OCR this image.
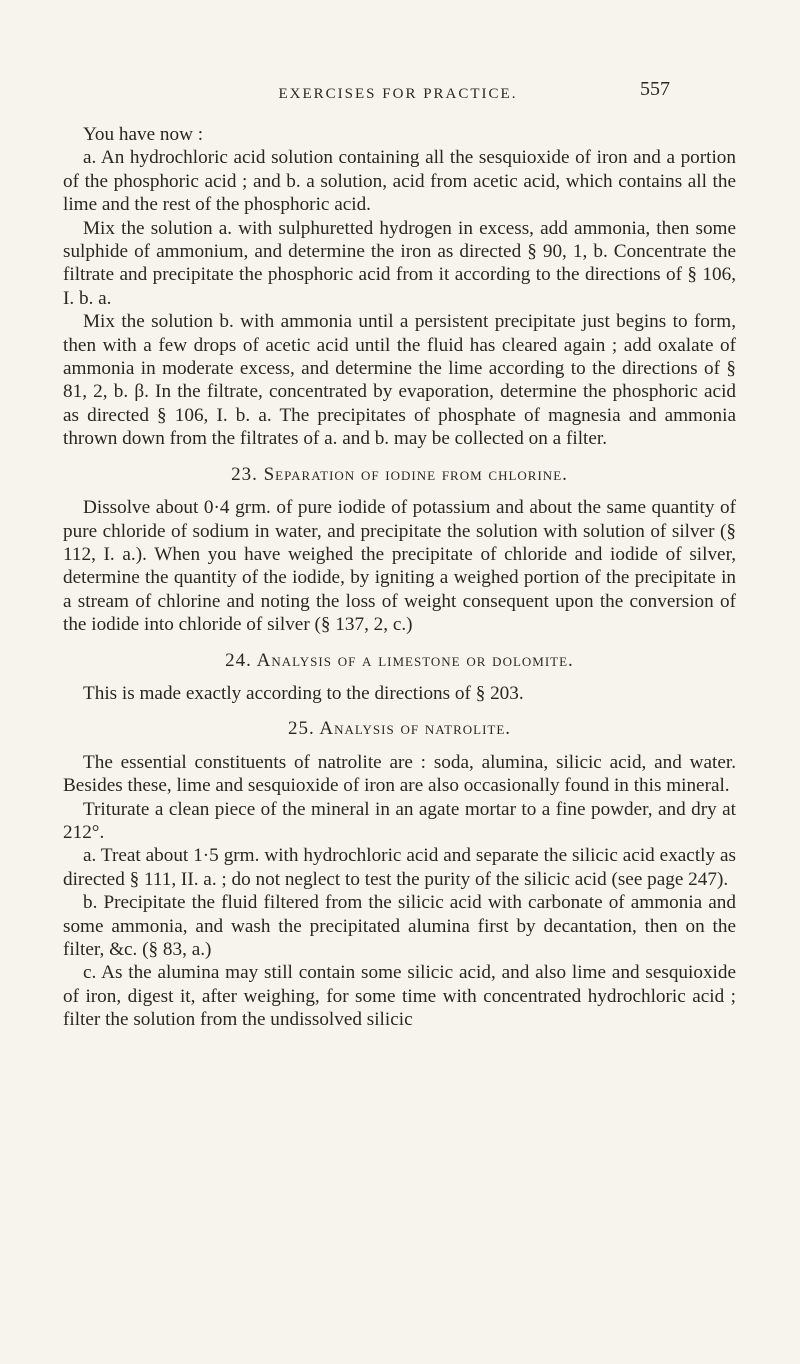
EXERCISES FOR PRACTICE.	557

You have now :

a. An hydrochloric acid solution containing all the sesquioxide of iron and a portion of the phosphoric acid ; and b. a solution, acid from acetic acid, which contains all the lime and the rest of the phosphoric acid.

Mix the solution a. with sulphuretted hydrogen in excess, add ammonia, then some sulphide of ammonium, and determine the iron as directed § 90, 1, b. Concentrate the filtrate and precipitate the phosphoric acid from it according to the directions of § 106, I. b. a.

Mix the solution b. with ammonia until a persistent precipitate just begins to form, then with a few drops of acetic acid until the fluid has cleared again ; add oxalate of ammonia in moderate excess, and determine the lime according to the directions of § 81, 2, b. β. In the filtrate, concentrated by evaporation, determine the phosphoric acid as directed § 106, I. b. a. The precipitates of phosphate of magnesia and ammonia thrown down from the filtrates of a. and b. may be collected on a filter.

23. Separation of iodine from chlorine.

Dissolve about 0·4 grm. of pure iodide of potassium and about the same quantity of pure chloride of sodium in water, and precipitate the solution with solution of silver (§ 112, I. a.). When you have weighed the precipitate of chloride and iodide of silver, determine the quantity of the iodide, by igniting a weighed portion of the precipitate in a stream of chlorine and noting the loss of weight consequent upon the conversion of the iodide into chloride of silver (§ 137, 2, c.)

24. Analysis of a limestone or dolomite.

This is made exactly according to the directions of § 203.

25. Analysis of natrolite.

The essential constituents of natrolite are : soda, alumina, silicic acid, and water. Besides these, lime and sesquioxide of iron are also occasionally found in this mineral.

Triturate a clean piece of the mineral in an agate mortar to a fine powder, and dry at 212°.

a. Treat about 1·5 grm. with hydrochloric acid and separate the silicic acid exactly as directed § 111, II. a. ; do not neglect to test the purity of the silicic acid (see page 247).

b. Precipitate the fluid filtered from the silicic acid with carbonate of ammonia and some ammonia, and wash the precipitated alumina first by decantation, then on the filter, &c. (§ 83, a.)

c. As the alumina may still contain some silicic acid, and also lime and sesquioxide of iron, digest it, after weighing, for some time with concentrated hydrochloric acid ; filter the solution from the undissolved silicic
